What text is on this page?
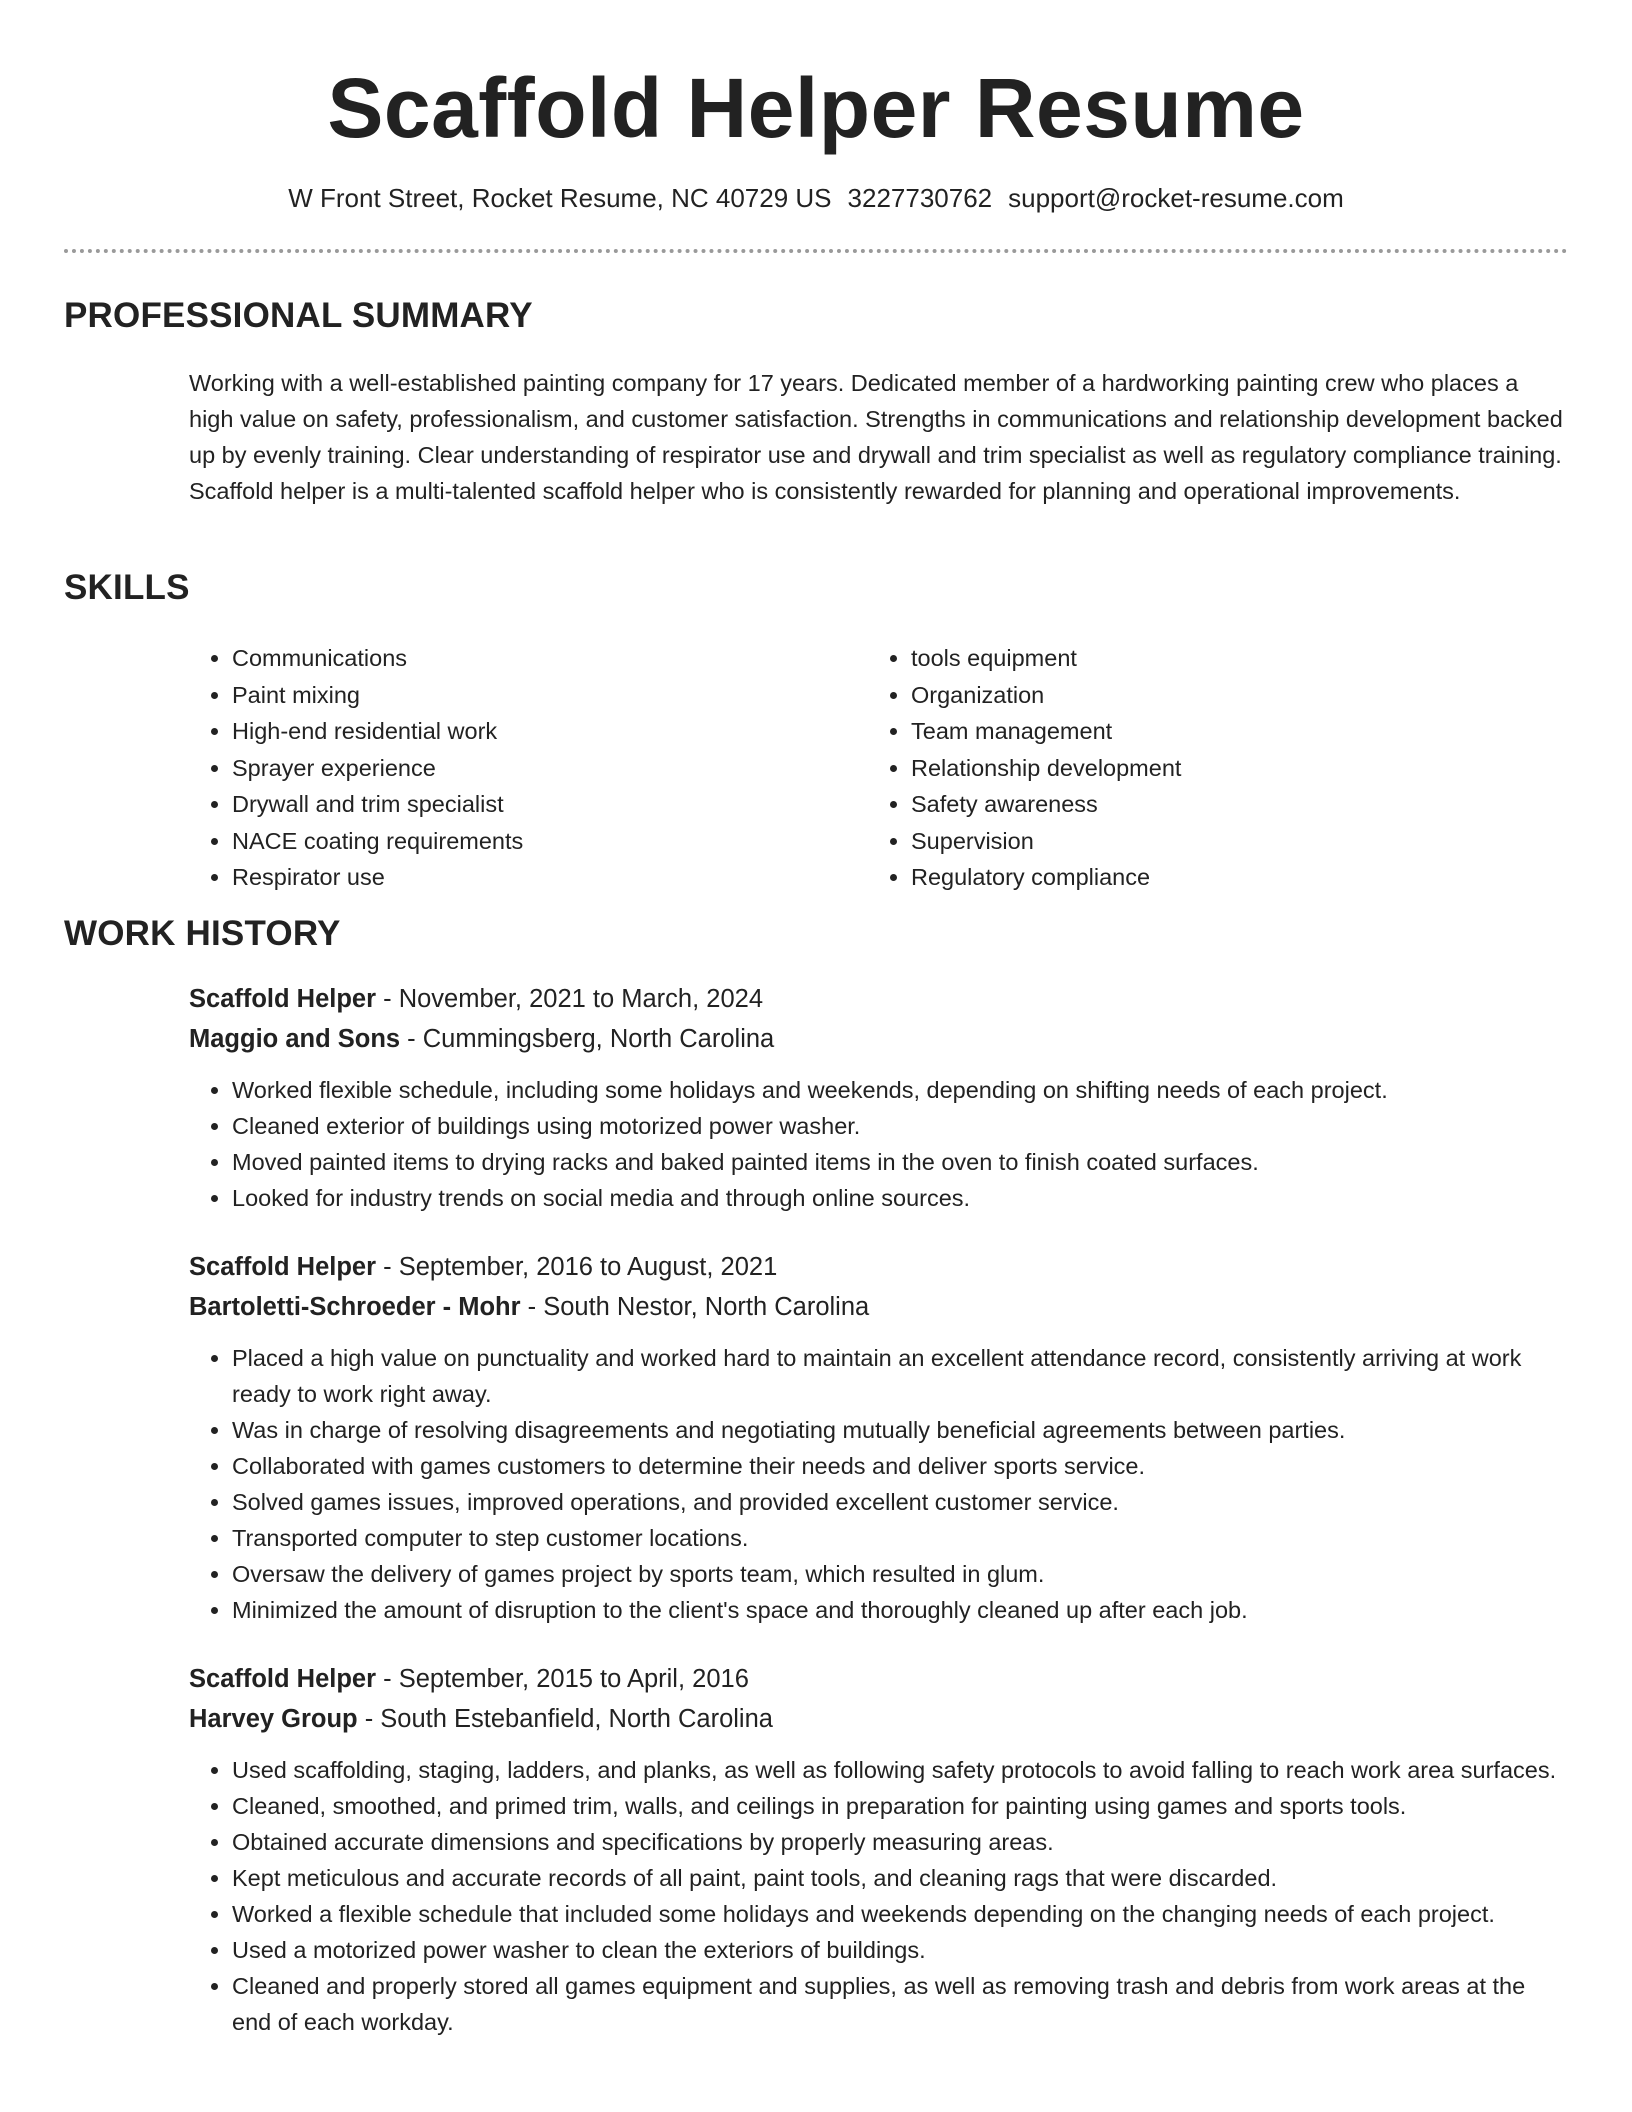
Scaffold Helper Resume
W Front Street, Rocket Resume, NC 40729 US 3227730762 support@rocket-resume.com
PROFESSIONAL SUMMARY

Working with a well-established painting company for 17 years. Dedicated member of a hardworking painting crew who places a high value on safety, professionalism, and customer satisfaction. Strengths in communications and relationship development backed up by evenly training. Clear understanding of respirator use and drywall and trim specialist as well as regulatory compliance training. Scaffold helper is a multi-talented scaffold helper who is consistently rewarded for planning and operational improvements.

SKILLS
• Communications
• Paint mixing
• High-end residential work
• Sprayer experience
• Drywall and trim specialist
• NACE coating requirements
• Respirator use
• tools equipment
• Organization
• Team management
• Relationship development
• Safety awareness
• Supervision
• Regulatory compliance
WORK HISTORY
Scaffold Helper - November, 2021 to March, 2024
Maggio and Sons - Cummingsberg, North Carolina
• Worked flexible schedule, including some holidays and weekends, depending on shifting needs of each project.
• Cleaned exterior of buildings using motorized power washer.
• Moved painted items to drying racks and baked painted items in the oven to finish coated surfaces.
• Looked for industry trends on social media and through online sources.
Scaffold Helper - September, 2016 to August, 2021
Bartoletti-Schroeder - Mohr - South Nestor, North Carolina
• Placed a high value on punctuality and worked hard to maintain an excellent attendance record, consistently arriving at work ready to work right away.
• Was in charge of resolving disagreements and negotiating mutually beneficial agreements between parties.
• Collaborated with games customers to determine their needs and deliver sports service.
• Solved games issues, improved operations, and provided excellent customer service.
• Transported computer to step customer locations.
• Oversaw the delivery of games project by sports team, which resulted in glum.
• Minimized the amount of disruption to the client's space and thoroughly cleaned up after each job.
Scaffold Helper - September, 2015 to April, 2016
Harvey Group - South Estebanfield, North Carolina
• Used scaffolding, staging, ladders, and planks, as well as following safety protocols to avoid falling to reach work area surfaces.
• Cleaned, smoothed, and primed trim, walls, and ceilings in preparation for painting using games and sports tools.
• Obtained accurate dimensions and specifications by properly measuring areas.
• Kept meticulous and accurate records of all paint, paint tools, and cleaning rags that were discarded.
• Worked a flexible schedule that included some holidays and weekends depending on the changing needs of each project.
• Used a motorized power washer to clean the exteriors of buildings.
• Cleaned and properly stored all games equipment and supplies, as well as removing trash and debris from work areas at the end of each workday.
